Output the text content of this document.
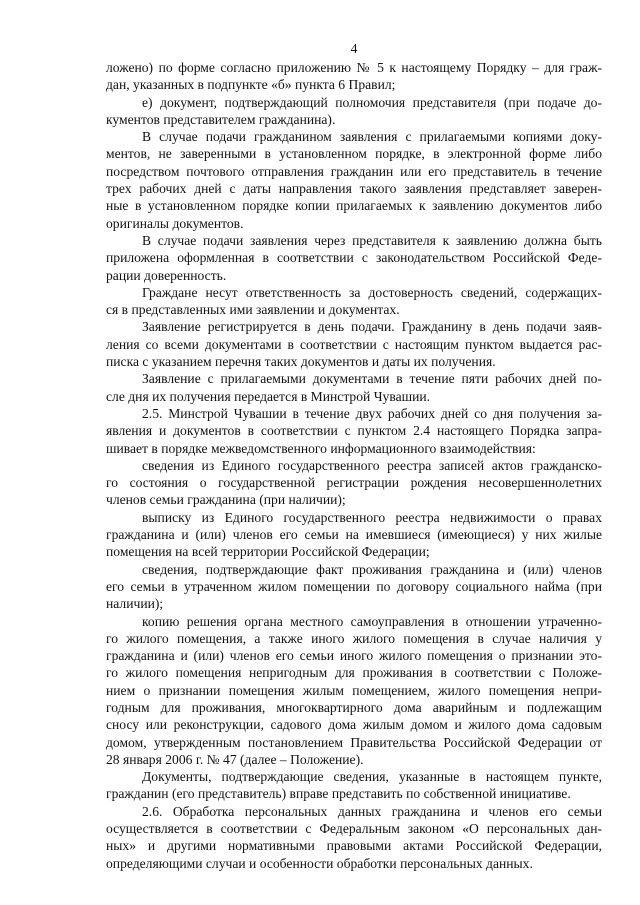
4

ложено) по форме согласно приложению № 5 к настоящему Порядку – для граж-
дан, указанных в подпункте «б» пункта 6 Правил;

е) документ, подтверждающий полномочия представителя (при подаче до-
кументов представителем гражданина).

В случае подачи гражданином заявления с прилагаемыми копиями доку-
ментов, не заверенными в установленном порядке, в электронной форме либо
посредством почтового отправления гражданин или его представитель в течение
трех рабочих дней с даты направления такого заявления представляет заверен-
ные в установленном порядке копии прилагаемых к заявлению документов либо
оригиналы документов.

В случае подачи заявления через представителя к заявлению должна быть
приложена оформленная в соответствии с законодательством Российской Феде-
рации доверенность.

Граждане несут ответственность за достоверность сведений, содержащих-
ся в представленных ими заявлении и документах.

Заявление регистрируется в день подачи. Гражданину в день подачи заяв-
ления со всеми документами в соответствии с настоящим пунктом выдается рас-
писка с указанием перечня таких документов и даты их получения.

Заявление с прилагаемыми документами в течение пяти рабочих дней по-
сле дня их получения передается в Минстрой Чувашии.

2.5. Минстрой Чувашии в течение двух рабочих дней со дня получения за-
явления и документов в соответствии с пунктом 2.4 настоящего Порядка запра-
шивает в порядке межведомственного информационного взаимодействия:

сведения из Единого государственного реестра записей актов гражданско-
го состояния о государственной регистрации рождения несовершеннолетних
членов семьи гражданина (при наличии);

выписку из Единого государственного реестра недвижимости о правах
гражданина и (или) членов его семьи на имевшиеся (имеющиеся) у них жилые
помещения на всей территории Российской Федерации;

сведения, подтверждающие факт проживания гражданина и (или) членов
его семьи в утраченном жилом помещении по договору социального найма (при
наличии);

копию решения органа местного самоуправления в отношении утраченно-
го жилого помещения, а также иного жилого помещения в случае наличия у
гражданина и (или) членов его семьи иного жилого помещения о признании это-
го жилого помещения непригодным для проживания в соответствии с Положе-
нием о признании помещения жилым помещением, жилого помещения непри-
годным для проживания, многоквартирного дома аварийным и подлежащим
сносу или реконструкции, садового дома жилым домом и жилого дома садовым
домом, утвержденным постановлением Правительства Российской Федерации от
28 января 2006 г. № 47 (далее – Положение).

Документы, подтверждающие сведения, указанные в настоящем пункте,
гражданин (его представитель) вправе представить по собственной инициативе.

2.6. Обработка персональных данных гражданина и членов его семьи
осуществляется в соответствии с Федеральным законом «О персональных дан-
ных» и другими нормативными правовыми актами Российской Федерации,
определяющими случаи и особенности обработки персональных данных.
